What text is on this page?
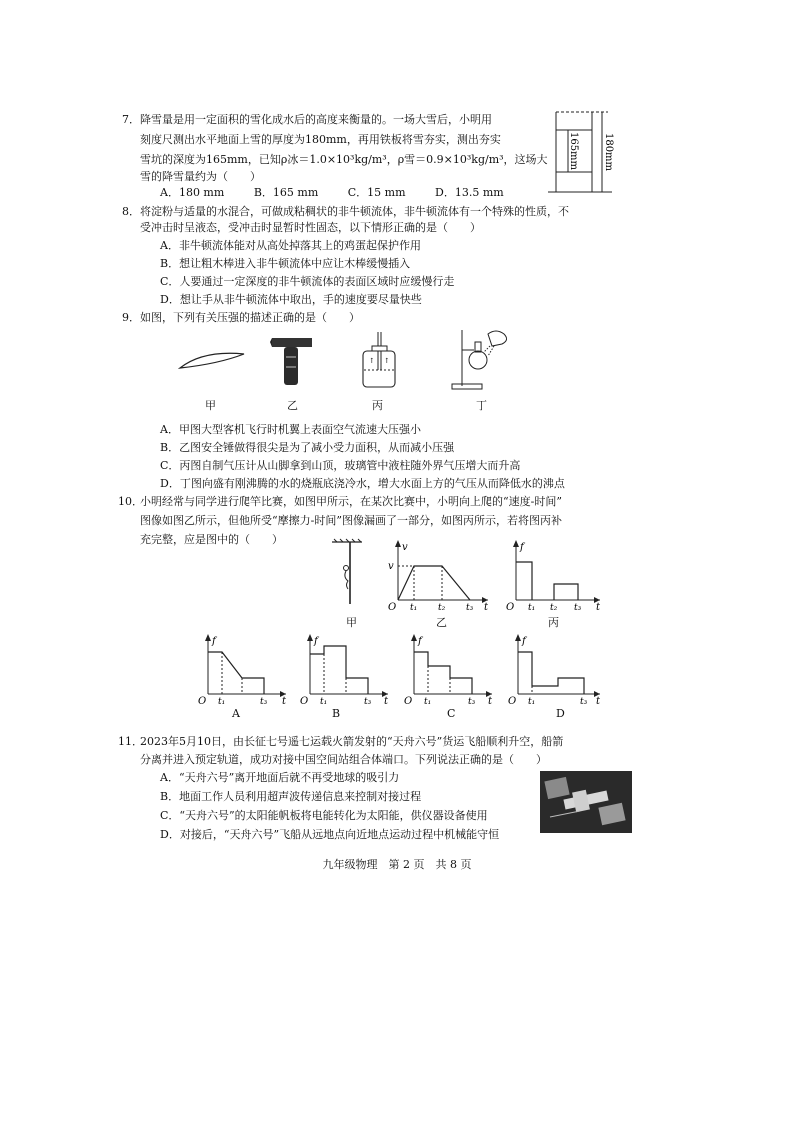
7． 降雪量是用一定面积的雪化成水后的高度来衡量的。一场大雪后，小明用
刻度尺测出水平地面上雪的厚度为180mm，再用铁板将雪夯实，测出夯实
雪坑的深度为165mm，已知ρ冰＝1.0×10³kg/m³，ρ雪＝0.9×10³kg/m³，这场大
雪的降雪量约为（　　）
A．180 mm	B．165 mm	C．15 mm	D．13.5 mm
165mm 180mm
8． 将淀粉与适量的水混合，可做成粘稠状的非牛顿流体，非牛顿流体有一个特殊的性质，不
受冲击时呈液态，受冲击时显暂时性固态，以下情形正确的是（　　）
A．非牛顿流体能对从高处掉落其上的鸡蛋起保护作用
B．想让粗木棒进入非牛顿流体中应让木棒缓慢插入
C．人要通过一定深度的非牛顿流体的表面区域时应缓慢行走
D．想让手从非牛顿流体中取出，手的速度要尽量快些
9． 如图，下列有关压强的描述正确的是（　　）
甲	乙
↑ ↑
丙	丁
A．甲图大型客机飞行时机翼上表面空气流速大压强小
B．乙图安全锤做得很尖是为了减小受力面积，从而减小压强
C．丙图自制气压计从山脚拿到山顶，玻璃管中液柱随外界气压增大而升高
D．丁图向盛有刚沸腾的水的烧瓶底浇冷水，增大水面上方的气压从而降低水的沸点
10．
小明经常与同学进行爬竿比赛，如图甲所示，在某次比赛中，小明向上爬的“速度-时间”
图像如图乙所示，但他所受“摩擦力-时间”图像漏画了一部分，如图丙所示，若将图丙补
充完整，应是图中的（　　）
甲
v
v
O t₁ t₂ t₃ t
乙
f
O t₁ t₂ t₃ t
丙
f
O t₁	t₃ t
A
f
O t₁	t₃ t
B
f
O t₁	t₃ t
C
f
O t₁	t₃ t
D
11．
2023年5月10日，由长征七号遥七运载火箭发射的“天舟六号”货运飞船顺利升空，船箭
分离并进入预定轨道，成功对接中国空间站组合体端口。下列说法正确的是（　　）
A．“天舟六号”离开地面后就不再受地球的吸引力
B．地面工作人员利用超声波传递信息来控制对接过程
C．“天舟六号”的太阳能帆板将电能转化为太阳能，供仪器设备使用
D．对接后，“天舟六号”飞船从远地点向近地点运动过程中机械能守恒
九年级物理　第 2 页　共 8 页
